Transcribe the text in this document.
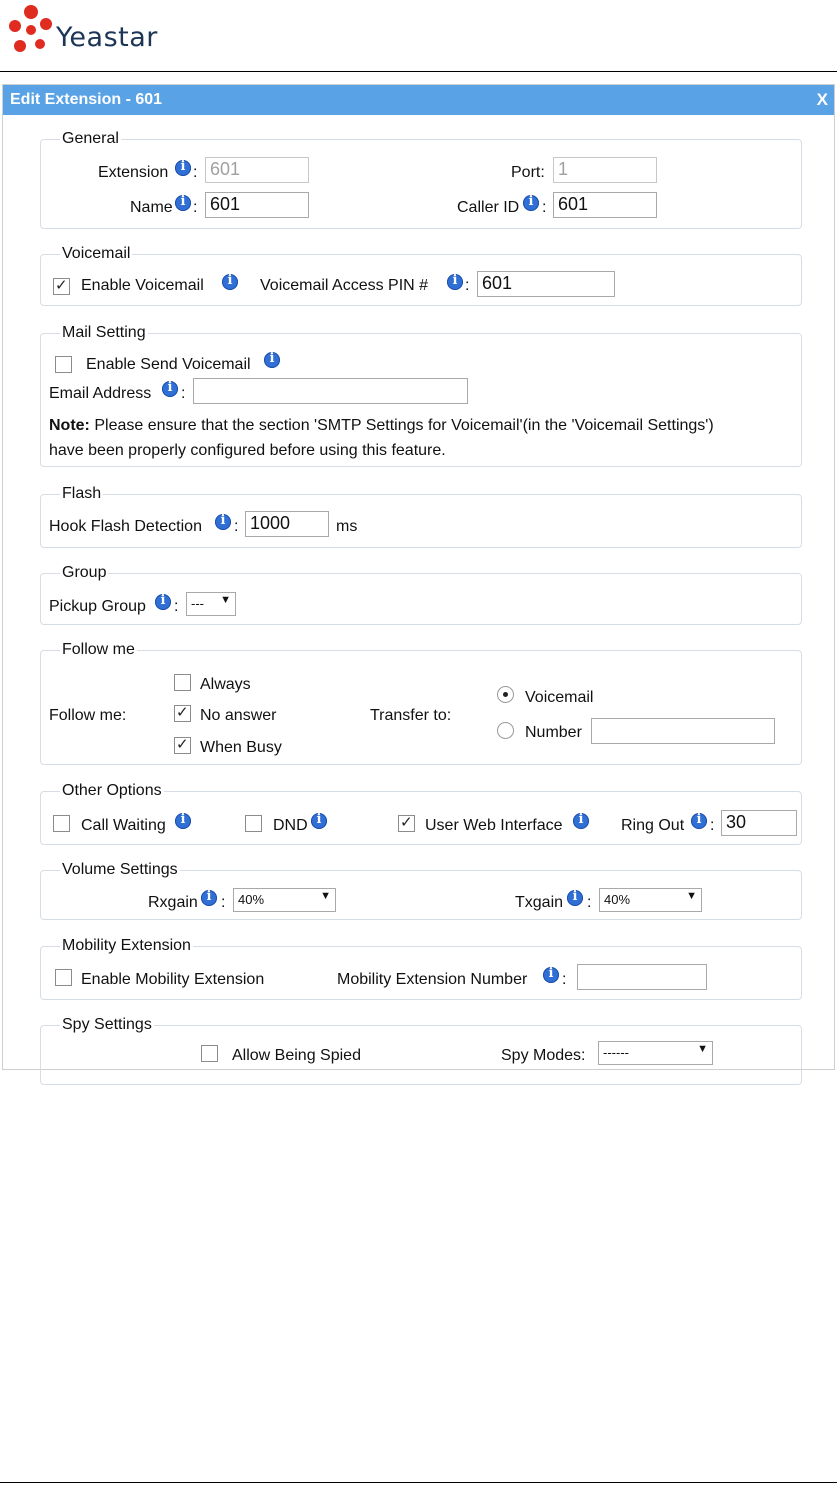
Yeastar
Edit Extension - 601	X
General
Extension i : 601	Port: 1
Name i : 601	Caller ID i : 601
Voicemail
✓
Enable Voicemail i	Voicemail Access PIN # i : 601
Mail Setting
Enable Send Voicemail
i
Email Address i :
Note: Please ensure that the section 'SMTP Settings for Voicemail'(in the 'Voicemail Settings')
have been properly configured before using this feature.
Flash
Hook Flash Detection i : 1000	ms
Group
Pickup Group i : --- ▼
Follow me
Follow me:
Always
✓
No answer
✓
When Busy
Transfer to:
Voicemail
Number
Other Options
Call Waiting i	DND i ✓	User Web Interface i	Ring Out i : 30
Volume Settings
Rxgain i : 40%	▼	Txgain i : 40%	▼
Mobility Extension
Enable Mobility Extension	Mobility Extension Number i :
Spy Settings
Allow Being Spied	Spy Modes:	------	▼
